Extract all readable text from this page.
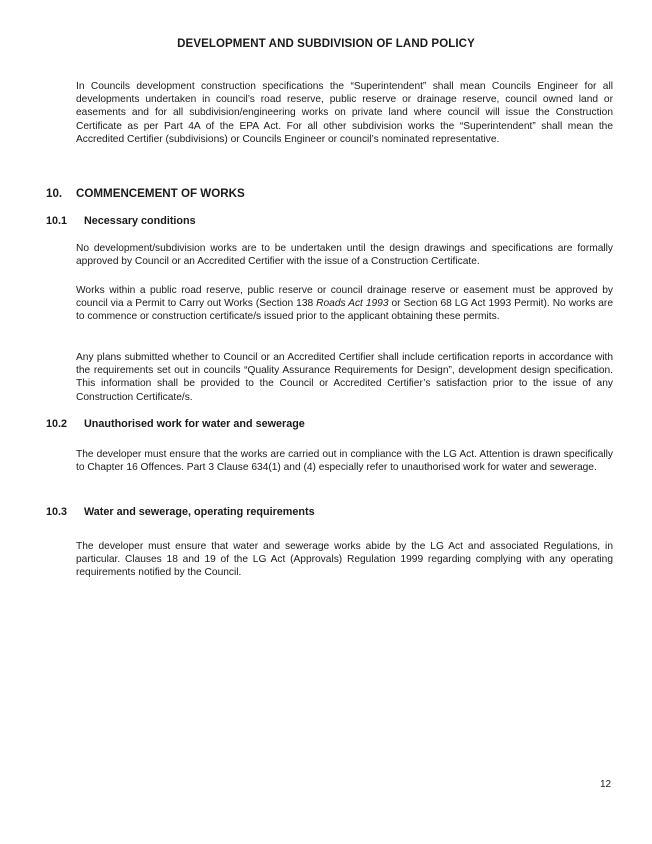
DEVELOPMENT AND SUBDIVISION OF LAND POLICY

In Councils development construction specifications the “Superintendent” shall mean Councils Engineer for all developments undertaken in council’s road reserve, public reserve or drainage reserve, council owned land or easements and for all subdivision/engineering works on private land where council will issue the Construction Certificate as per Part 4A of the EPA Act. For all other subdivision works the “Superintendent” shall mean the Accredited Certifier (subdivisions) or Councils Engineer or council’s nominated representative.

10. COMMENCEMENT OF WORKS
10.1 Necessary conditions

No development/subdivision works are to be undertaken until the design drawings and specifications are formally approved by Council or an Accredited Certifier with the issue of a Construction Certificate.

Works within a public road reserve, public reserve or council drainage reserve or easement must be approved by council via a Permit to Carry out Works (Section 138 Roads Act 1993 or Section 68 LG Act 1993 Permit). No works are to commence or construction certificate/s issued prior to the applicant obtaining these permits.

Any plans submitted whether to Council or an Accredited Certifier shall include certification reports in accordance with the requirements set out in councils “Quality Assurance Requirements for Design”, development design specification. This information shall be provided to the Council or Accredited Certifier’s satisfaction prior to the issue of any Construction Certificate/s.

10.2 Unauthorised work for water and sewerage

The developer must ensure that the works are carried out in compliance with the LG Act. Attention is drawn specifically to Chapter 16 Offences. Part 3 Clause 634(1) and (4) especially refer to unauthorised work for water and sewerage.

10.3 Water and sewerage, operating requirements

The developer must ensure that water and sewerage works abide by the LG Act and associated Regulations, in particular. Clauses 18 and 19 of the LG Act (Approvals) Regulation 1999 regarding complying with any operating requirements notified by the Council.

12
